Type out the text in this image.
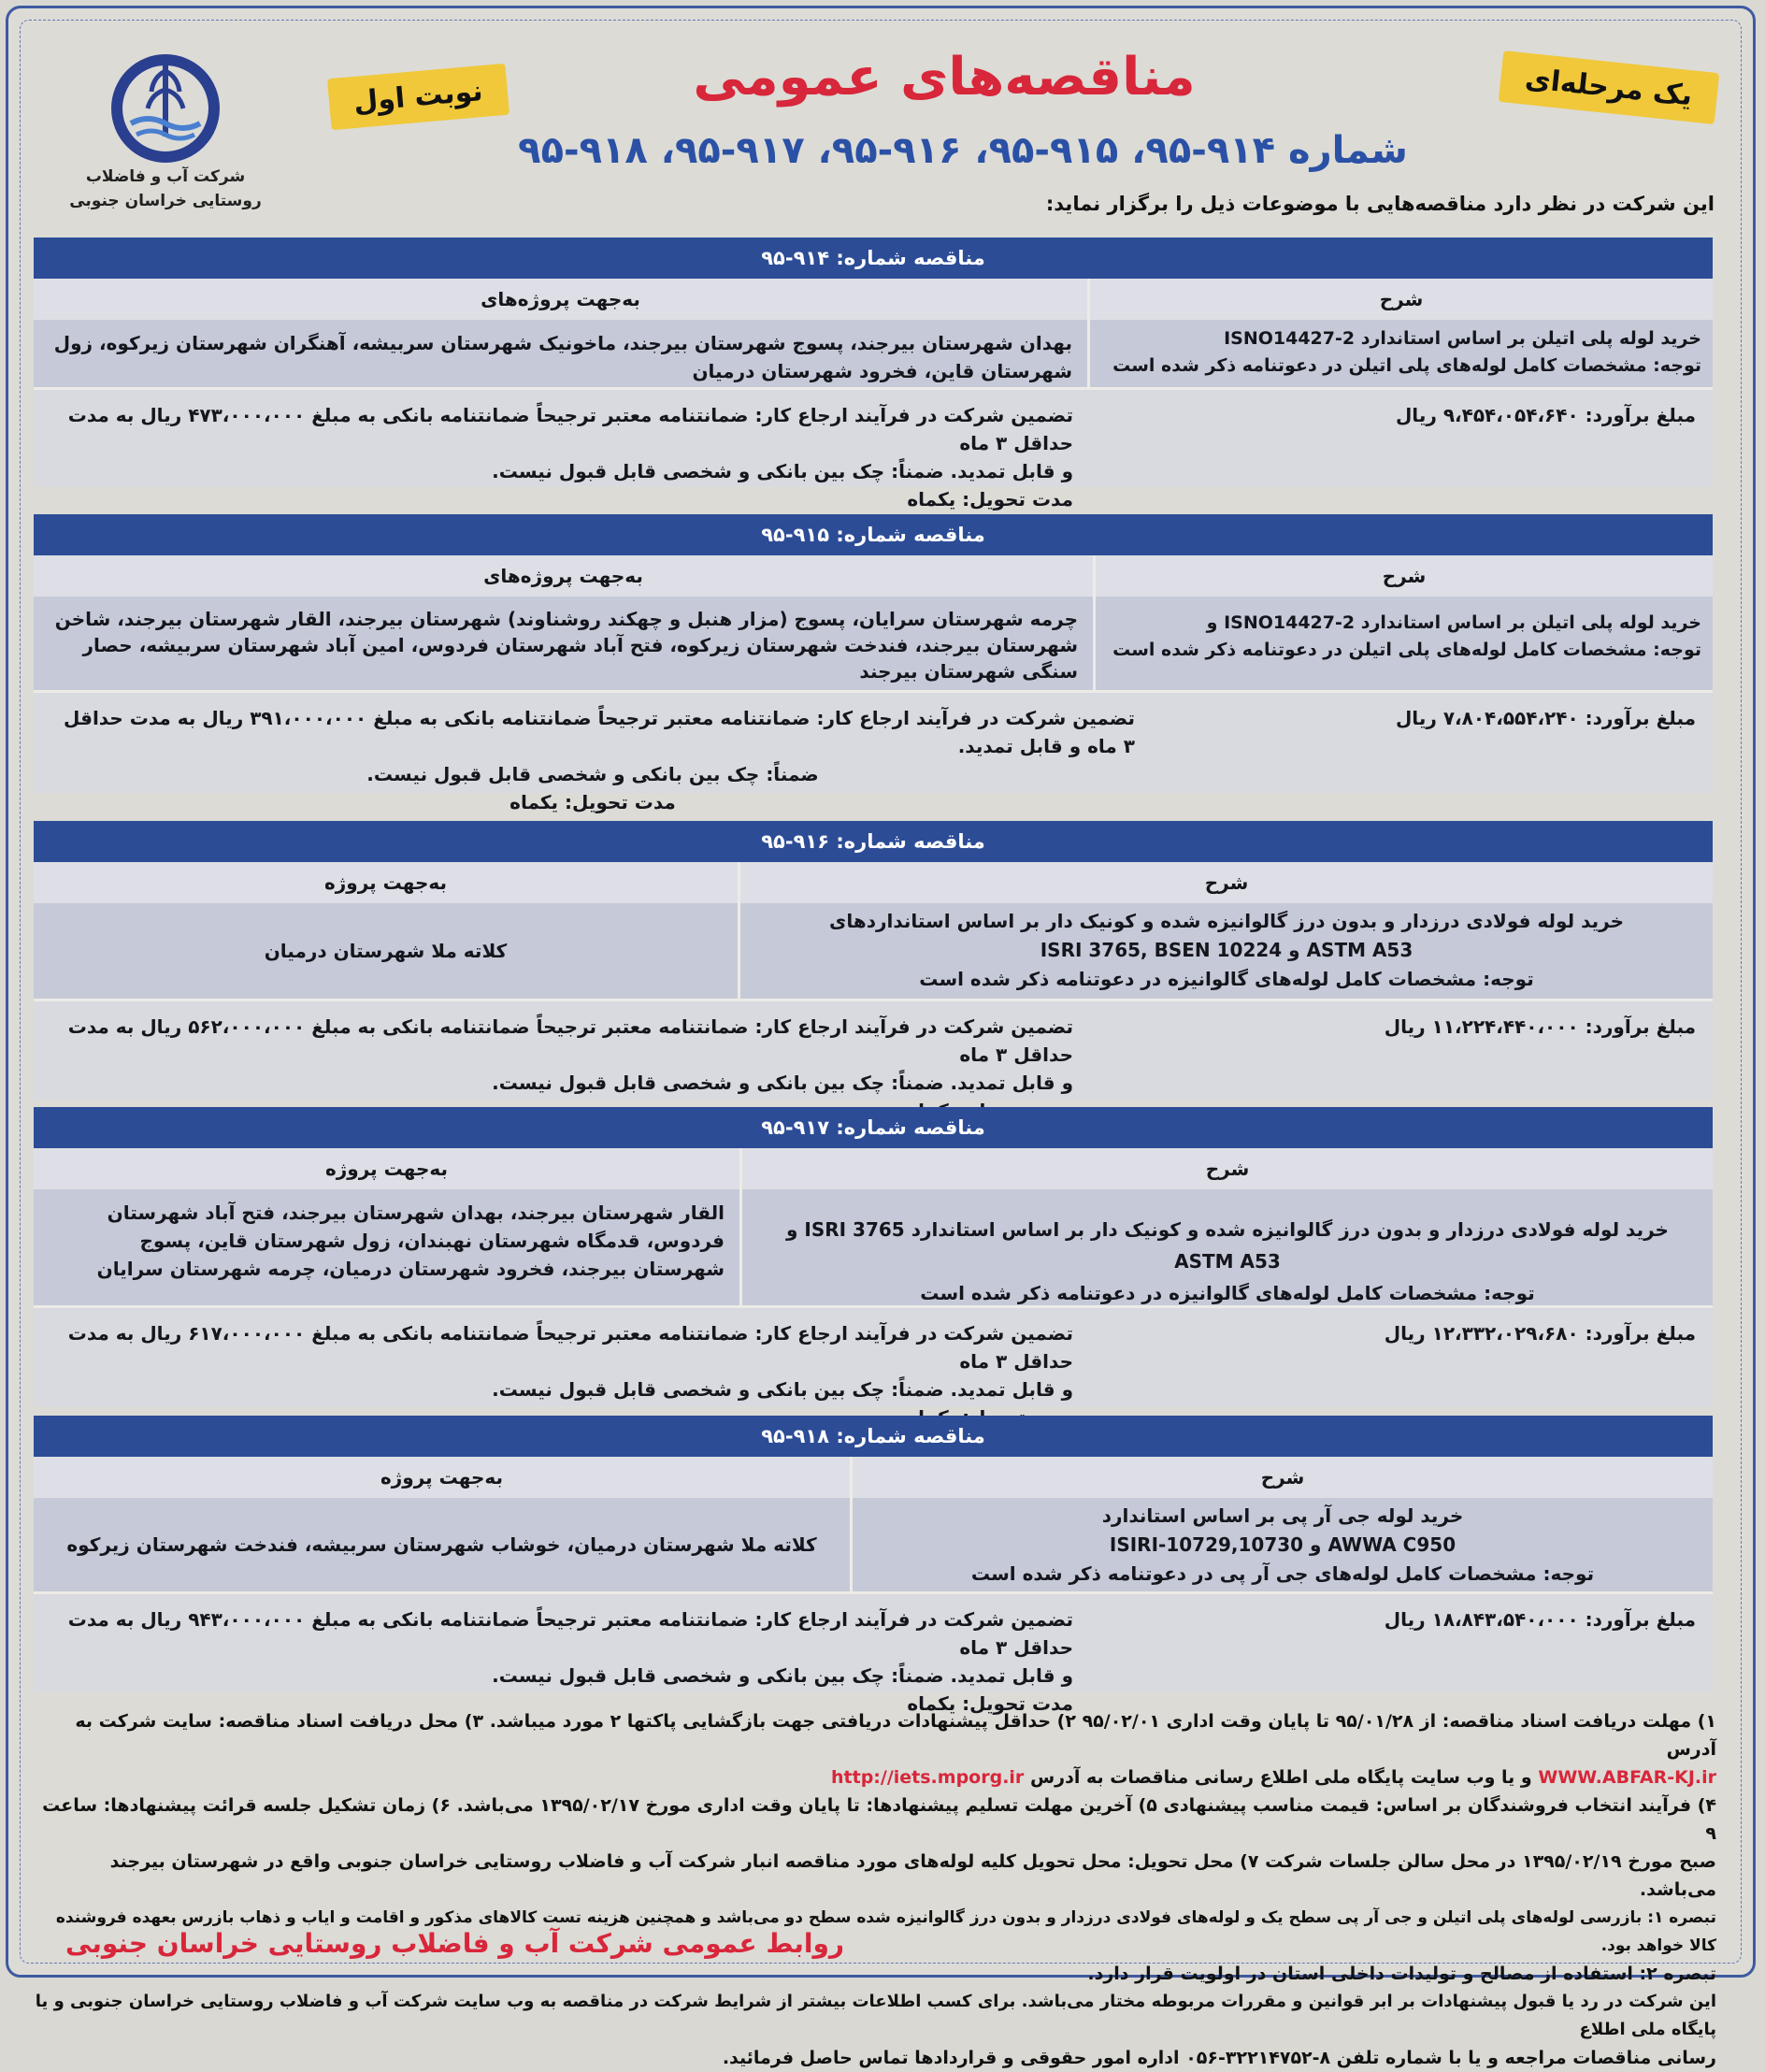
شرکت آب و فاضلاب روستایی خراسان جنوبی
نوبت اول	یک مرحله‌ای
مناقصه‌های عمومی
شماره ۹۱۴-۹۵، ۹۱۵-۹۵، ۹۱۶-۹۵، ۹۱۷-۹۵، ۹۱۸-۹۵
این شرکت در نظر دارد مناقصه‌هایی با موضوعات ذیل را برگزار نماید:
مناقصه شماره: ۹۱۴-۹۵
شرح
خرید لوله پلی اتیلن بر اساس استاندارد ISNO14427-2
توجه: مشخصات کامل لوله‌های پلی اتیلن در دعوتنامه ذکر شده است
به‌جهت پروژه‌های
بهدان شهرستان بیرجند، پسوج شهرستان بیرجند، ماخونیک شهرستان سربیشه، آهنگران شهرستان زیرکوه، زول شهرستان قاین، فخرود شهرستان درمیان
مبلغ برآورد: ۹،۴۵۴،۰۵۴،۶۴۰ ریال
تضمین شرکت در فرآیند ارجاع کار: ضمانتنامه معتبر ترجیحاً ضمانتنامه بانکی به مبلغ ۴۷۳،۰۰۰،۰۰۰ ریال به مدت حداقل ۳ ماه
و قابل تمدید. ضمناً: چک بین بانکی و شخصی قابل قبول نیست.
مدت تحویل: یکماه
مناقصه شماره: ۹۱۵-۹۵
شرح
خرید لوله پلی اتیلن بر اساس استاندارد ISNO14427-2 و
توجه: مشخصات کامل لوله‌های پلی اتیلن در دعوتنامه ذکر شده است
به‌جهت پروژه‌های
چرمه شهرستان سرایان، پسوج (مزار هنبل و چهکند روشناوند) شهرستان بیرجند، القار شهرستان بیرجند، شاخن شهرستان بیرجند، فندخت شهرستان زیرکوه، فتح آباد شهرستان فردوس، امین آباد شهرستان سربیشه، حصار سنگی شهرستان بیرجند
مبلغ برآورد: ۷،۸۰۴،۵۵۴،۲۴۰ ریال
تضمین شرکت در فرآیند ارجاع کار: ضمانتنامه معتبر ترجیحاً ضمانتنامه بانکی به مبلغ ۳۹۱،۰۰۰،۰۰۰ ریال به مدت حداقل ۳ ماه و قابل تمدید.
ضمناً: چک بین بانکی و شخصی قابل قبول نیست.
مدت تحویل: یکماه
مناقصه شماره: ۹۱۶-۹۵
شرح
خرید لوله فولادی درزدار و بدون درز گالوانیزه شده و کونیک دار بر اساس استانداردهای
ASTM A53 و ISRI 3765, BSEN 10224
توجه: مشخصات کامل لوله‌های گالوانیزه در دعوتنامه ذکر شده است
به‌جهت پروژه
کلاته ملا شهرستان درمیان
مبلغ برآورد: ۱۱،۲۲۴،۴۴۰،۰۰۰ ریال
تضمین شرکت در فرآیند ارجاع کار: ضمانتنامه معتبر ترجیحاً ضمانتنامه بانکی به مبلغ ۵۶۲،۰۰۰،۰۰۰ ریال به مدت حداقل ۳ ماه
و قابل تمدید. ضمناً: چک بین بانکی و شخصی قابل قبول نیست.
مناقصه شماره: ۹۱۷-۹۵
شرح
خرید لوله فولادی درزدار و بدون درز گالوانیزه شده و کونیک دار بر اساس استاندارد ISRI 3765 و ASTM A53
توجه: مشخصات کامل لوله‌های گالوانیزه در دعوتنامه ذکر شده است
به‌جهت پروژه
القار شهرستان بیرجند، بهدان شهرستان بیرجند، فتح آباد شهرستان فردوس، قدمگاه شهرستان نهبندان، زول شهرستان قاین، پسوج شهرستان بیرجند، فخرود شهرستان درمیان، چرمه شهرستان سرایان
مبلغ برآورد: ۱۲،۳۳۲،۰۲۹،۶۸۰ ریال
تضمین شرکت در فرآیند ارجاع کار: ضمانتنامه معتبر ترجیحاً ضمانتنامه بانکی به مبلغ ۶۱۷،۰۰۰،۰۰۰ ریال به مدت حداقل ۳ ماه
و قابل تمدید. ضمناً: چک بین بانکی و شخصی قابل قبول نیست.
مناقصه شماره: ۹۱۸-۹۵
شرح
خرید لوله جی آر پی بر اساس استاندارد
AWWA C950 و ISIRI-10729,10730
توجه: مشخصات کامل لوله‌های جی آر پی در دعوتنامه ذکر شده است
به‌جهت پروژه
کلاته ملا شهرستان درمیان، خوشاب شهرستان سربیشه، فندخت شهرستان زیرکوه
مبلغ برآورد: ۱۸،۸۴۳،۵۴۰،۰۰۰ ریال
تضمین شرکت در فرآیند ارجاع کار: ضمانتنامه معتبر ترجیحاً ضمانتنامه بانکی به مبلغ ۹۴۳،۰۰۰،۰۰۰ ریال به مدت حداقل ۳ ماه
و قابل تمدید. ضمناً: چک بین بانکی و شخصی قابل قبول نیست.
مدت تحویل: یکماه
۱) مهلت دریافت اسناد مناقصه: از ۹۵/۰۱/۲۸ تا پایان وقت اداری ۹۵/۰۲/۰۱ ۲) حداقل پیشنهادات دریافتی جهت بازگشایی پاکتها ۲ مورد میباشد. ۳) محل دریافت اسناد مناقصه: سایت شرکت به آدرس
WWW.ABFAR-KJ.ir و یا وب سایت پایگاه ملی اطلاع رسانی مناقصات به آدرس http://iets.mporg.ir
۴) فرآیند انتخاب فروشندگان بر اساس: قیمت مناسب پیشنهادی ۵) آخرین مهلت تسلیم پیشنهادها: تا پایان وقت اداری مورخ ۱۳۹۵/۰۲/۱۷ می‌باشد. ۶) زمان تشکیل جلسه قرائت پیشنهادها: ساعت ۹
صبح مورخ ۱۳۹۵/۰۲/۱۹ در محل سالن جلسات شرکت ۷) محل تحویل: محل تحویل کلیه لوله‌های مورد مناقصه انبار شرکت آب و فاضلاب روستایی خراسان جنوبی واقع در شهرستان بیرجند می‌باشد.
تبصره ۱: بازرسی لوله‌های پلی اتیلن و جی آر پی سطح یک و لوله‌های فولادی درزدار و بدون درز گالوانیزه شده سطح دو می‌باشد و همچنین هزینه تست کالاهای مذکور و اقامت و ایاب و ذهاب بازرس بعهده فروشنده کالا خواهد بود.
تبصره ۲: استفاده از مصالح و تولیدات داخلی استان در اولویت قرار دارد.
این شرکت در رد یا قبول پیشنهادات بر ابر قوانین و مقررات مربوطه مختار می‌باشد. برای کسب اطلاعات بیشتر از شرایط شرکت در مناقصه به وب سایت شرکت آب و فاضلاب روستایی خراسان جنوبی و یا پایگاه ملی اطلاع
رسانی مناقصات مراجعه و یا با شماره تلفن ۸-۳۲۲۱۴۷۵۲-۰۵۶ اداره امور حقوقی و قراردادها تماس حاصل فرمائید.
روابط عمومی شرکت آب و فاضلاب روستایی خراسان جنوبی
